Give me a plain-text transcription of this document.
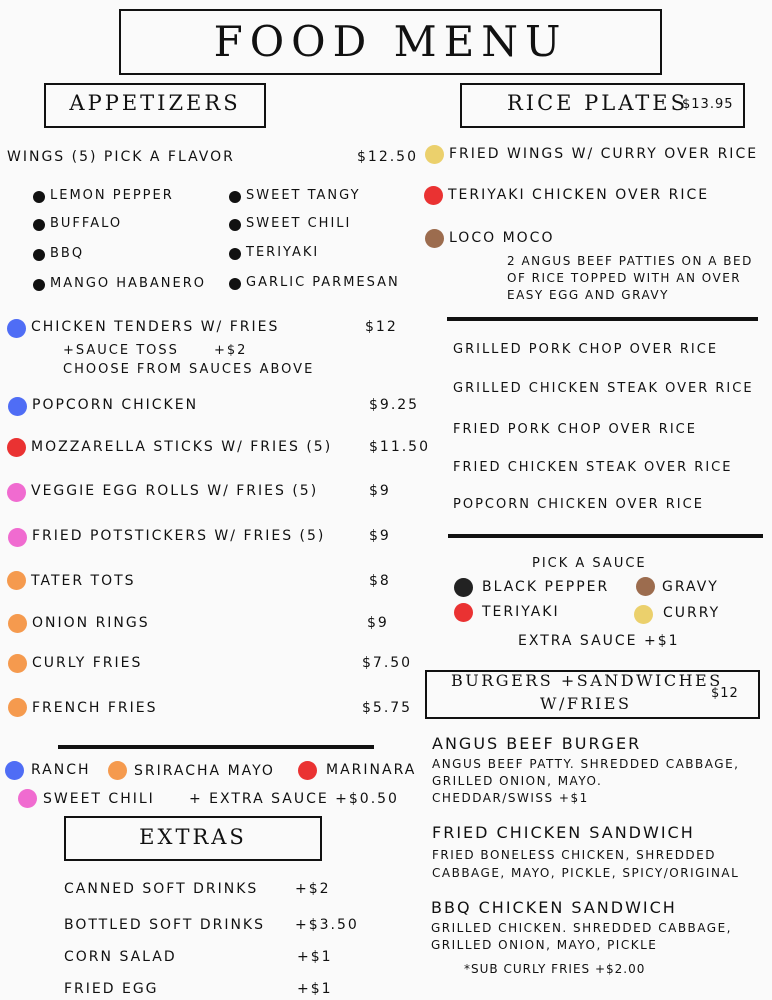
FOOD MENU
APPETIZERS	RICE PLATES
$13.95
WINGS (5) PICK A FLAVOR	$12.50
LEMON PEPPER	SWEET TANGY
BUFFALO	SWEET CHILI
BBQ	TERIYAKI
MANGO HABANERO	GARLIC PARMESAN
CHICKEN TENDERS W/ FRIES	$12
+SAUCE TOSS	+$2
CHOOSE FROM SAUCES ABOVE
POPCORN CHICKEN	$9.25
MOZZARELLA STICKS W/ FRIES (5)	$11.50
VEGGIE EGG ROLLS W/ FRIES (5)	$9
FRIED POTSTICKERS W/ FRIES (5)	$9
TATER TOTS	$8
ONION RINGS	$9
CURLY FRIES	$7.50
FRENCH FRIES	$5.75
RANCH	SRIRACHA MAYO	MARINARA
SWEET CHILI + EXTRA SAUCE +$0.50
EXTRAS
CANNED SOFT DRINKS	+$2
BOTTLED SOFT DRINKS +$3.50
CORN SALAD	+$1
FRIED EGG	+$1
FRIED WINGS W/ CURRY OVER RICE
TERIYAKI CHICKEN OVER RICE
LOCO MOCO
2 ANGUS BEEF PATTIES ON A BED
OF RICE TOPPED WITH AN OVER
EASY EGG AND GRAVY
GRILLED PORK CHOP OVER RICE
GRILLED CHICKEN STEAK OVER RICE
FRIED PORK CHOP OVER RICE
FRIED CHICKEN STEAK OVER RICE
POPCORN CHICKEN OVER RICE
PICK A SAUCE
BLACK PEPPER	GRAVY
TERIYAKI	CURRY
EXTRA SAUCE +$1
BURGERS +SANDWICHES
W/FRIES
$12
ANGUS BEEF BURGER
ANGUS BEEF PATTY. SHREDDED CABBAGE,
GRILLED ONION, MAYO.
CHEDDAR/SWISS +$1
FRIED CHICKEN SANDWICH
FRIED BONELESS CHICKEN, SHREDDED
CABBAGE, MAYO, PICKLE, SPICY/ORIGINAL
BBQ CHICKEN SANDWICH
GRILLED CHICKEN. SHREDDED CABBAGE,
GRILLED ONION, MAYO, PICKLE
*SUB CURLY FRIES +$2.00
